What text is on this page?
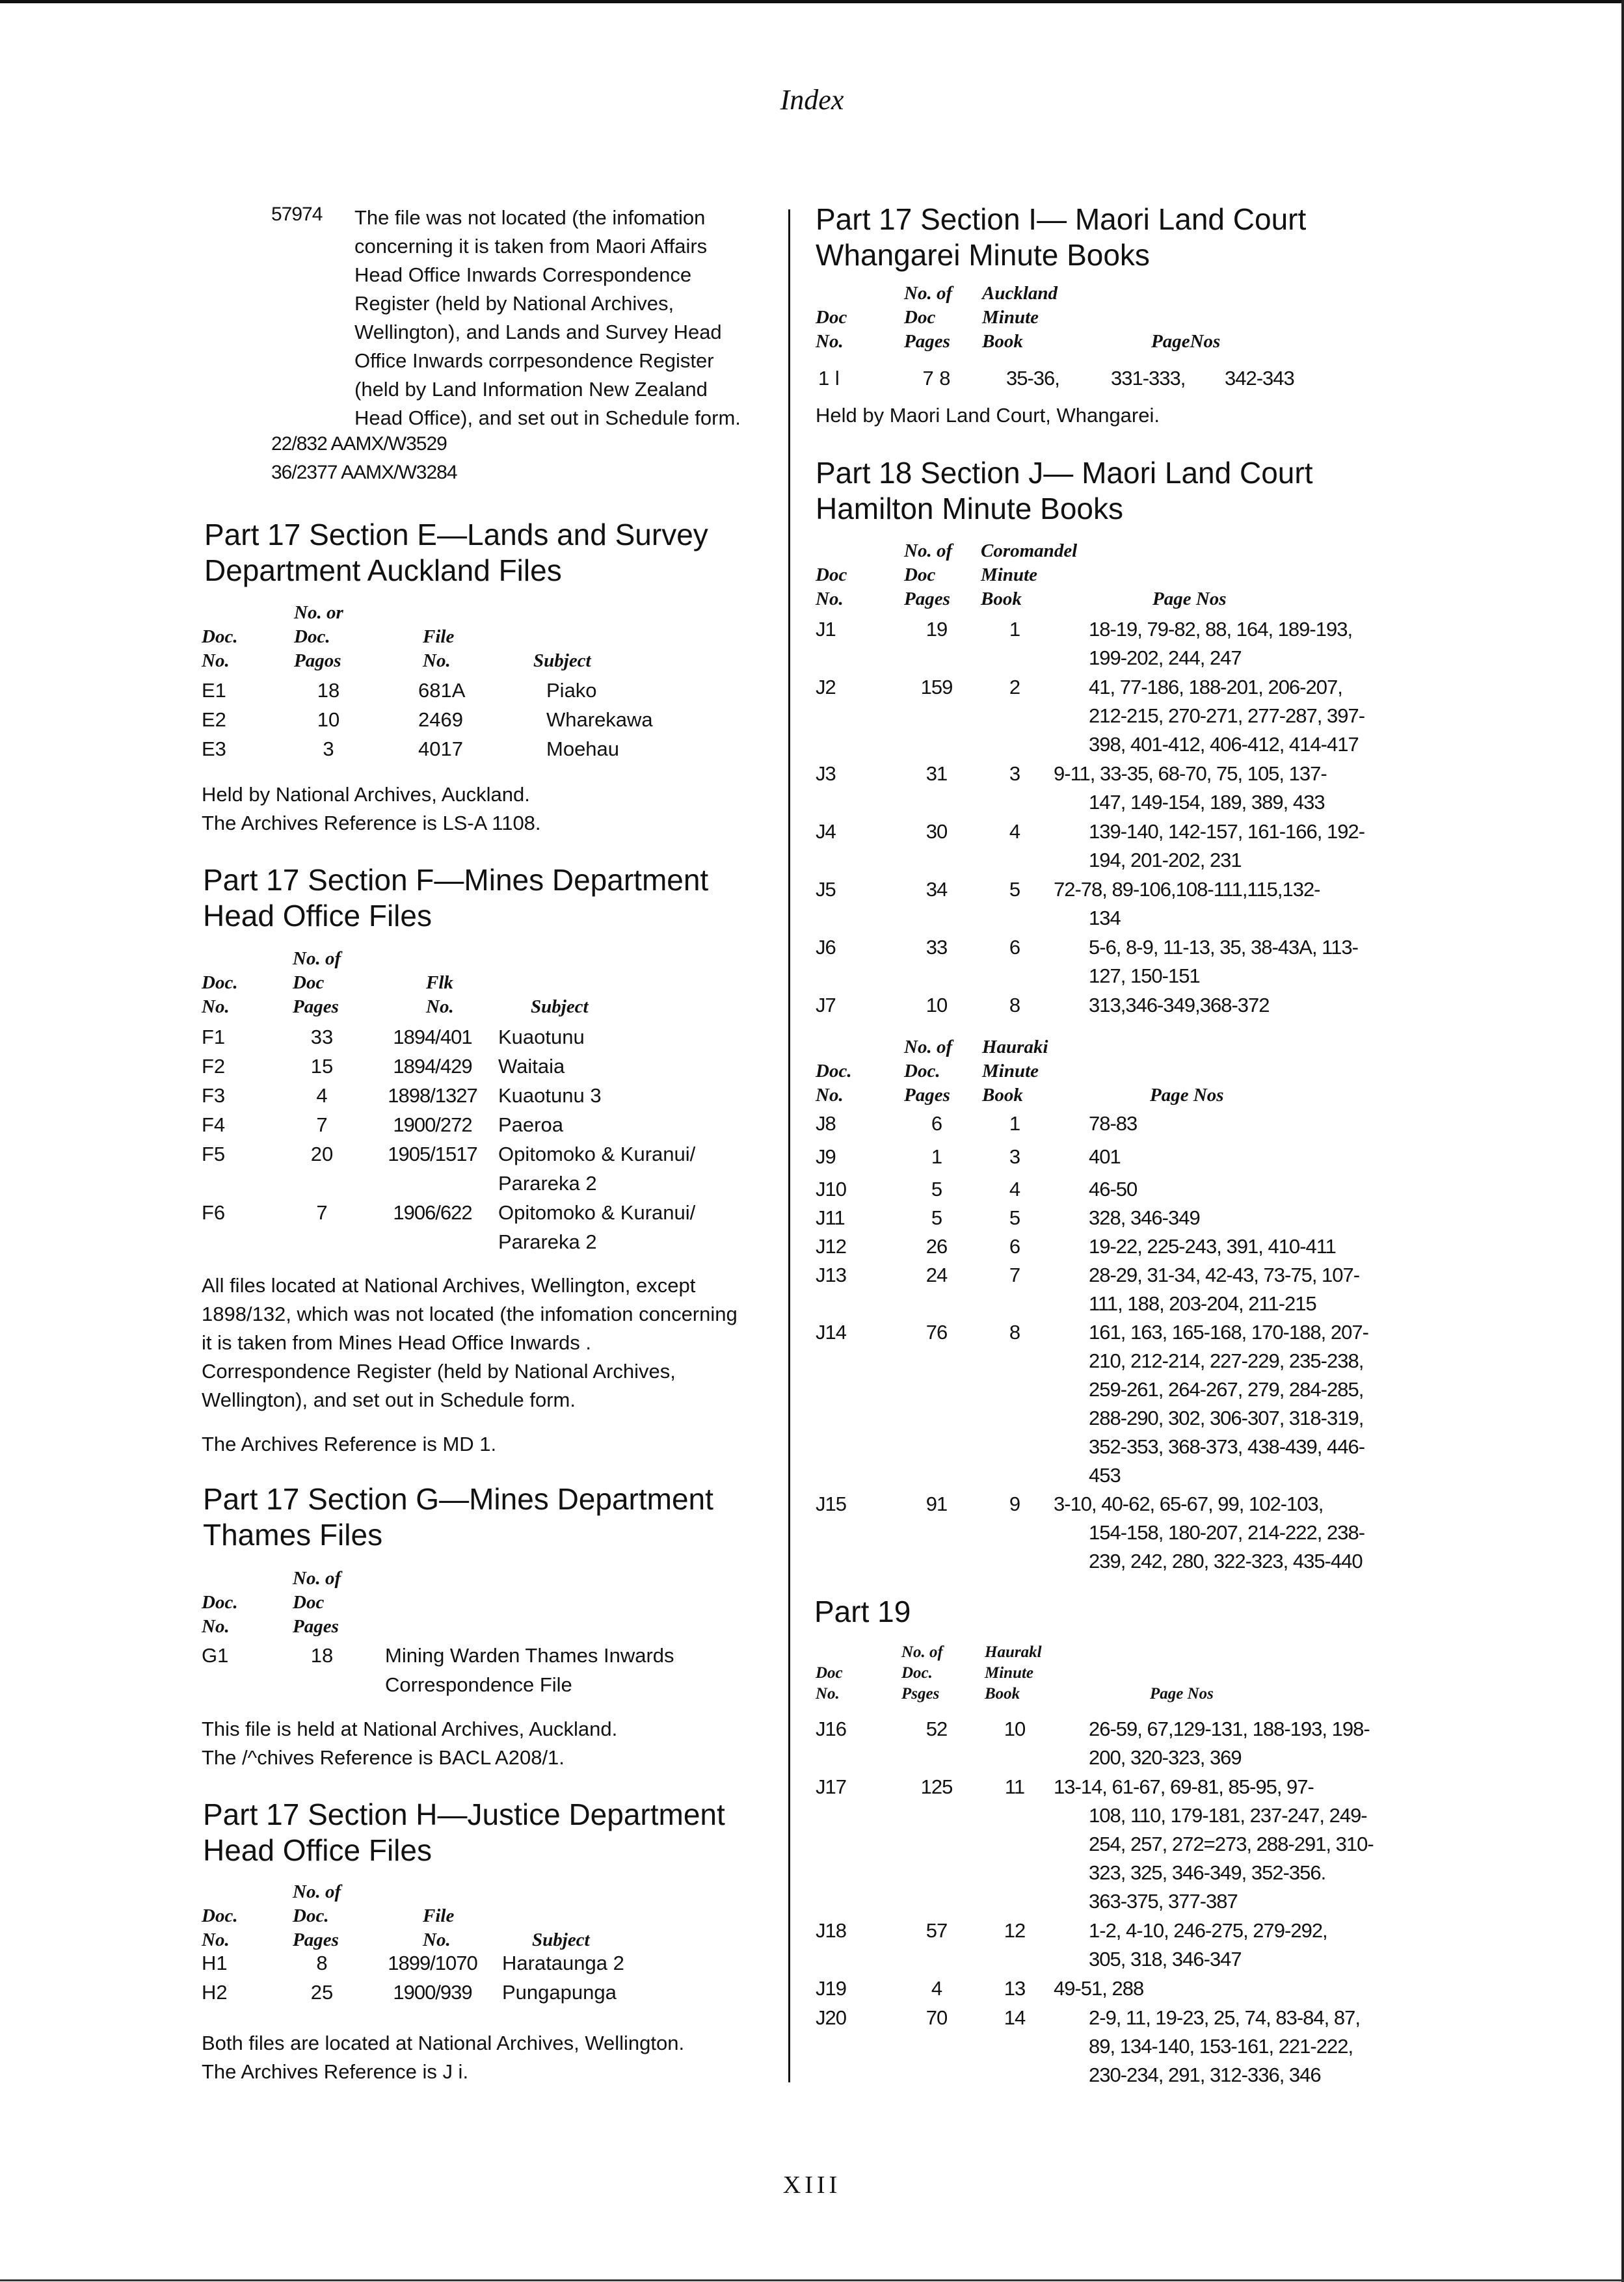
Index
57974 The file was not located (the infomation
concerning it is taken from Maori Affairs
Head Office Inwards Correspondence
Register (held by National Archives,
Wellington), and Lands and Survey Head
Office Inwards corrpesondence Register
(held by Land Information New Zealand
Head Office), and set out in Schedule form.
22/832 AAMX/W3529
36/2377 AAMX/W3284
Part 17 Section E—Lands and Survey
Department Auckland Files

Doc.
No.
No. or
Doc.
Pagos

File
No.

	Subject
E1	18	681A	Piako
E2	10	2469	Wharekawa
E3	3	4017	Moehau
Held by National Archives, Auckland.
The Archives Reference is LS-A 1108.
Part 17 Section F—Mines Department
Head Office Files

Doc.
No.
No. of
Doc
Pages

Flk
No.

	Subject
F1	33	1894/401	Kuaotunu
F2	15	1894/429	Waitaia
F3	4	1898/1327 Kuaotunu 3
F4	7	1900/272	Paeroa
F5	20	1905/1517 Opitomoko & Kuranui/
Parareka 2
F6	7	1906/622	Opitomoko & Kuranui/
Parareka 2
All files located at National Archives, Wellington, except
1898/132, which was not located (the infomation concerning
it is taken from Mines Head Office Inwards .
Correspondence Register (held by National Archives,
Wellington), and set out in Schedule form.
The Archives Reference is MD 1.
Part 17 Section G—Mines Department
Thames Files

Doc.
No.
No. of
Doc
Pages
G1	18	Mining Warden Thames Inwards
Correspondence File
This file is held at National Archives, Auckland.
The /^chives Reference is BACL A208/1.
Part 17 Section H—Justice Department
Head Office Files

Doc.
No.
No. of
Doc.
Pages

File
No.

	Subject
H1	8	1899/1070	Harataunga 2
H2	25	1900/939	Pungapunga
Both files are located at National Archives, Wellington.
The Archives Reference is J i.
Part 17 Section I— Maori Land Court
Whangarei Minute Books

Doc
No.
No. of
Doc
Pages
Auckland
Minute
Book

	PageNos
1 l	7 8	35-36,	331-333, 342-343
Held by Maori Land Court, Whangarei.
Part 18 Section J— Maori Land Court
Hamilton Minute Books

Doc
No.
No. of
Doc
Pages
Coromandel
Minute
Book

	Page Nos
J1	19	1	18-19, 79-82, 88, 164, 189-193,
199-202, 244, 247
J2	159	2	41, 77-186, 188-201, 206-207,
212-215, 270-271, 277-287, 397-
398, 401-412, 406-412, 414-417
J3	31	3	9-11, 33-35, 68-70, 75, 105, 137-
147, 149-154, 189, 389, 433
J4	30	4	139-140, 142-157, 161-166, 192-
194, 201-202, 231
J5	34	5	72-78, 89-106,108-111,115,132-
134
J6	33	6	5-6, 8-9, 11-13, 35, 38-43A, 113-
127, 150-151
J7	10	8	313,346-349,368-372

Doc.
No.
No. of
Doc.
Pages
Hauraki
Minute
Book

	Page Nos
J8	6	1	78-83
J9	1	3	401
J10	5	4	46-50
J11	5	5	328, 346-349
J12	26	6	19-22, 225-243, 391, 410-411
J13	24	7	28-29, 31-34, 42-43, 73-75, 107-
111, 188, 203-204, 211-215
J14	76	8	161, 163, 165-168, 170-188, 207-
210, 212-214, 227-229, 235-238,
259-261, 264-267, 279, 284-285,
288-290, 302, 306-307, 318-319,
352-353, 368-373, 438-439, 446-
453
J15	91	9	3-10, 40-62, 65-67, 99, 102-103,
154-158, 180-207, 214-222, 238-
239, 242, 280, 322-323, 435-440
Part 19

Doc
No.
No. of
Doc.
Psges
Haurakl
Minute
Book

	Page Nos
J16	52	10	26-59, 67,129-131, 188-193, 198-
200, 320-323, 369
J17	125	11	13-14, 61-67, 69-81, 85-95, 97-
108, 110, 179-181, 237-247, 249-
254, 257, 272=273, 288-291, 310-
323, 325, 346-349, 352-356.
363-375, 377-387
J18	57	12	1-2, 4-10, 246-275, 279-292,
305, 318, 346-347
J19	4	13	49-51, 288
J20	70	14	2-9, 11, 19-23, 25, 74, 83-84, 87,
89, 134-140, 153-161, 221-222,
230-234, 291, 312-336, 346
XIII
